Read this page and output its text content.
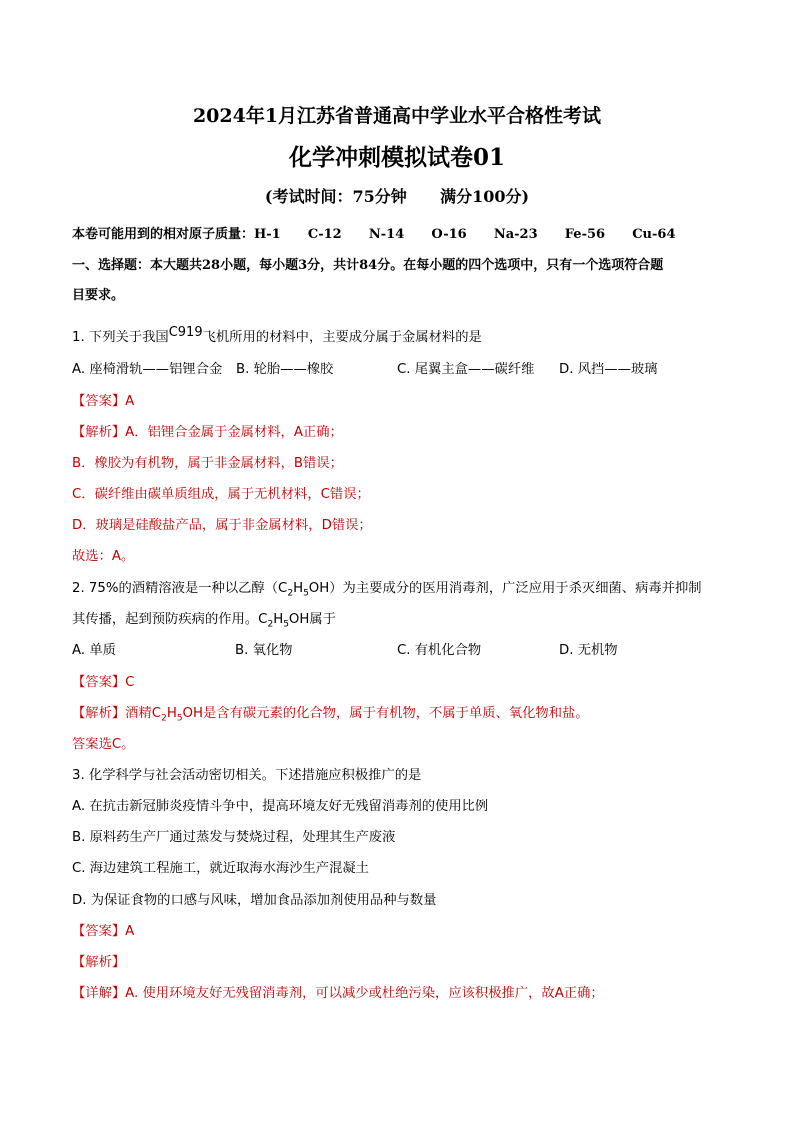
2024年1月江苏省普通高中学业水平合格性考试
化学冲刺模拟试卷01
(考试时间：75分钟      满分100分)
本卷可能用到的相对原子质量：H-1      C-12      N-14      O-16      Na-23      Fe-56      Cu-64
一、选择题：本大题共28小题，每小题3分，共计84分。在每小题的四个选项中，只有一个选项符合题
目要求。
1. 下列关于我国C919飞机所用的材料中，主要成分属于金属材料的是
A. 座椅滑轨——铝锂合金 B. 轮胎——橡胶	C. 尾翼主盒——碳纤维 D. 风挡——玻璃
【答案】A
【解析】A．铝锂合金属于金属材料，A正确；
B．橡胶为有机物，属于非金属材料，B错误；
C．碳纤维由碳单质组成，属于无机材料，C错误；
D．玻璃是硅酸盐产品，属于非金属材料，D错误；
故选：A。
2. 75%的酒精溶液是一种以乙醇$(C_2H_5OH)$为主要成分的医用消毒剂，广泛应用于杀灭细菌、病毒并抑制
其传播，起到预防疾病的作用。$C_2H_5OH$属于
A. 单质	B. 氧化物	C. 有机化合物	D. 无机物
【答案】C
【解析】酒精$C_2H_5OH$是含有碳元素的化合物，属于有机物，不属于单质、氧化物和盐。
答案选C。
3. 化学科学与社会活动密切相关。下述措施应积极推广的是
A. 在抗击新冠肺炎疫情斗争中，提高环境友好无残留消毒剂的使用比例
B. 原料药生产厂通过蒸发与焚烧过程，处理其生产废液
C. 海边建筑工程施工，就近取海水海沙生产混凝土
D. 为保证食物的口感与风味，增加食品添加剂使用品种与数量
【答案】A
【解析】
【详解】A. 使用环境友好无残留消毒剂，可以减少或杜绝污染，应该积极推广，故A正确；
